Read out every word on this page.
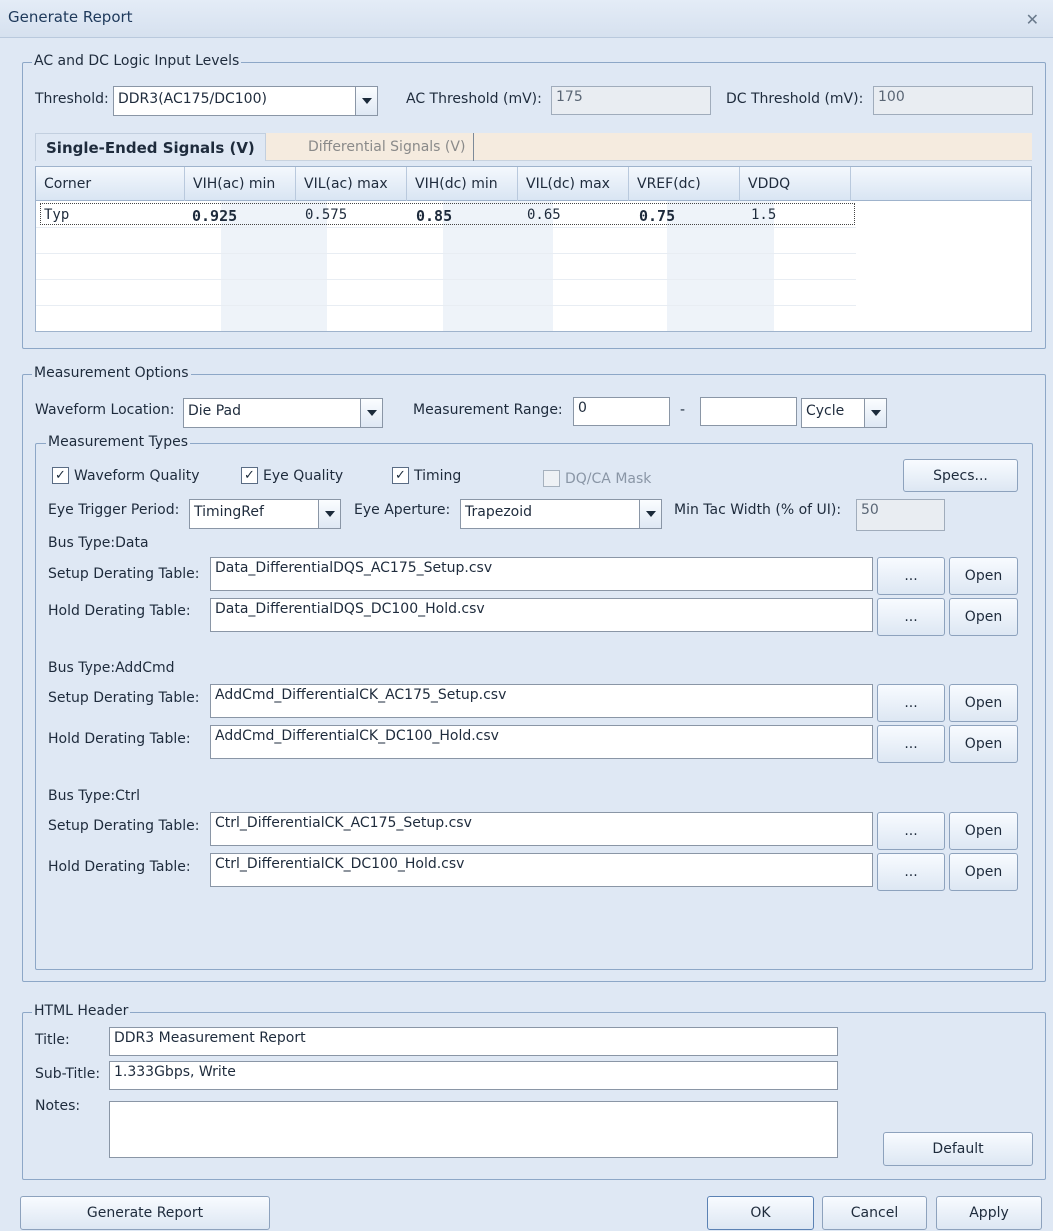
Generate Report	✕
AC and DC Logic Input Levels
Threshold: DDR3(AC175/DC100)	AC Threshold (mV):	175	DC Threshold (mV):	100
Single-Ended Signals (V)	Differential Signals (V)
Corner	VIH(ac) min	VIL(ac) max	VIH(dc) min	VIL(dc) max	VREF(dc)	VDDQ
Typ	0.925	0.575	0.85	0.65	0.75	1.5
Measurement Options
Waveform Location: Die Pad	Measurement Range:	0	-	Cycle
Measurement Types
✓ Waveform Quality	✓ Eye Quality	✓ Timing	DQ/CA Mask	Specs...
Eye Trigger Period: TimingRef	Eye Aperture: Trapezoid	Min Tac Width (% of UI):	50
Bus Type:Data
Setup Derating Table:	Data_DifferentialDQS_AC175_Setup.csv	...	Open
Hold Derating Table:	Data_DifferentialDQS_DC100_Hold.csv	...	Open
Bus Type:AddCmd
Setup Derating Table:	AddCmd_DifferentialCK_AC175_Setup.csv	...	Open
Hold Derating Table:	AddCmd_DifferentialCK_DC100_Hold.csv	...	Open
Bus Type:Ctrl
Setup Derating Table:	Ctrl_DifferentialCK_AC175_Setup.csv	...	Open
Hold Derating Table:	Ctrl_DifferentialCK_DC100_Hold.csv	...	Open
HTML Header
Title:	DDR3 Measurement Report
Sub-Title: 1.333Gbps, Write
Notes:
Default
Generate Report	OK	Cancel	Apply
